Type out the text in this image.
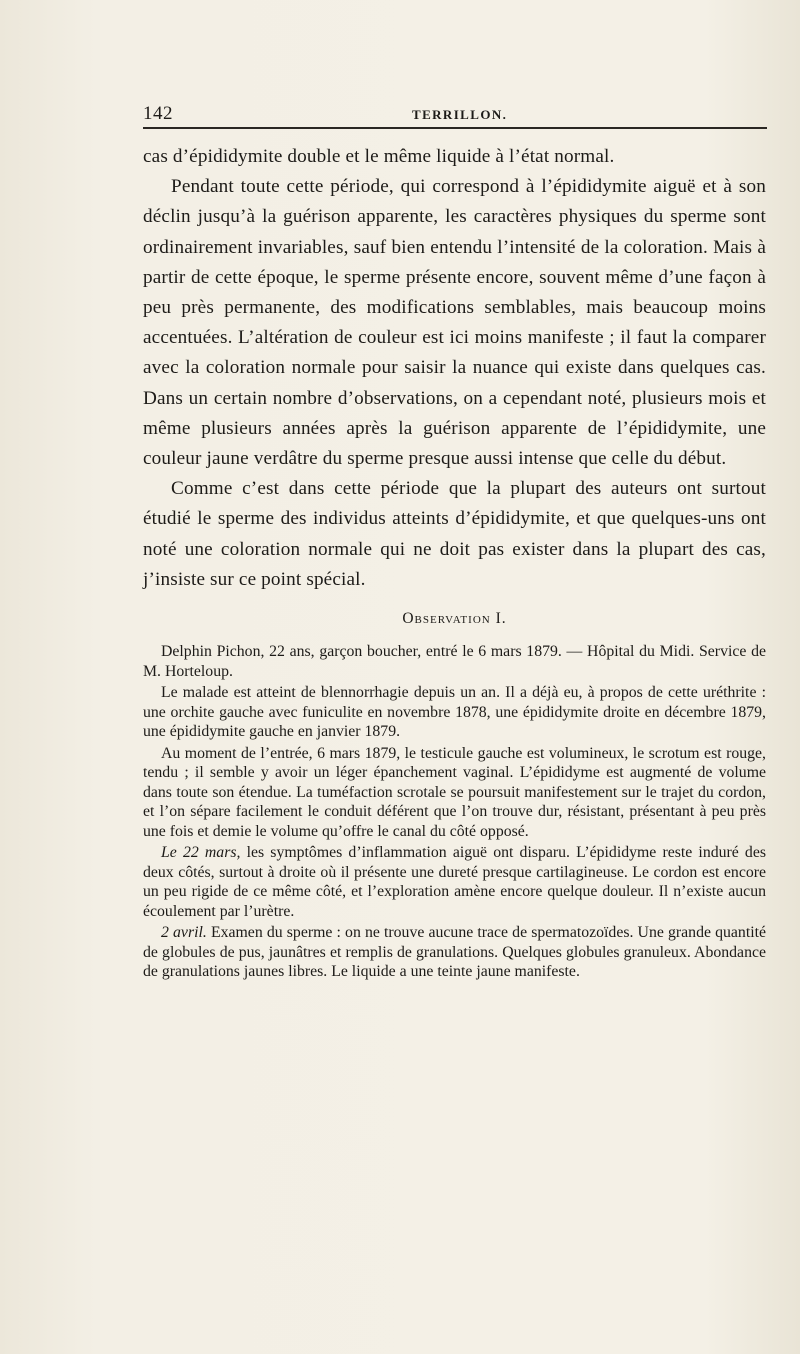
142	TERRILLON.

cas d’épididymite double et le même liquide à l’état normal.

Pendant toute cette période, qui correspond à l’épididymite aiguë et à son déclin jusqu’à la guérison apparente, les caractères physiques du sperme sont ordinairement invariables, sauf bien entendu l’intensité de la coloration. Mais à partir de cette époque, le sperme présente encore, souvent même d’une façon à peu près permanente, des modifications semblables, mais beaucoup moins accentuées. L’altération de couleur est ici moins manifeste ; il faut la comparer avec la coloration normale pour saisir la nuance qui existe dans quelques cas. Dans un certain nombre d’observations, on a cependant noté, plusieurs mois et même plusieurs années après la guérison apparente de l’épididymite, une couleur jaune verdâtre du sperme presque aussi intense que celle du début.

Comme c’est dans cette période que la plupart des auteurs ont surtout étudié le sperme des individus atteints d’épididymite, et que quelques-uns ont noté une coloration normale qui ne doit pas exister dans la plupart des cas, j’insiste sur ce point spécial.

Observation I.

Delphin Pichon, 22 ans, garçon boucher, entré le 6 mars 1879. — Hôpital du Midi. Service de M. Horteloup.

Le malade est atteint de blennorrhagie depuis un an. Il a déjà eu, à propos de cette uréthrite : une orchite gauche avec funiculite en novembre 1878, une épididymite droite en décembre 1879, une épididymite gauche en janvier 1879.

Au moment de l’entrée, 6 mars 1879, le testicule gauche est volumineux, le scrotum est rouge, tendu ; il semble y avoir un léger épanchement vaginal. L’épididyme est augmenté de volume dans toute son étendue. La tuméfaction scrotale se poursuit manifestement sur le trajet du cordon, et l’on sépare facilement le conduit déférent que l’on trouve dur, résistant, présentant à peu près une fois et demie le volume qu’offre le canal du côté opposé.

Le 22 mars, les symptômes d’inflammation aiguë ont disparu. L’épididyme reste induré des deux côtés, surtout à droite où il présente une dureté presque cartilagineuse. Le cordon est encore un peu rigide de ce même côté, et l’exploration amène encore quelque douleur. Il n’existe aucun écoulement par l’urètre.

2 avril. Examen du sperme : on ne trouve aucune trace de spermatozoïdes. Une grande quantité de globules de pus, jaunâtres et remplis de granulations. Quelques globules granuleux. Abondance de granulations jaunes libres. Le liquide a une teinte jaune manifeste.
